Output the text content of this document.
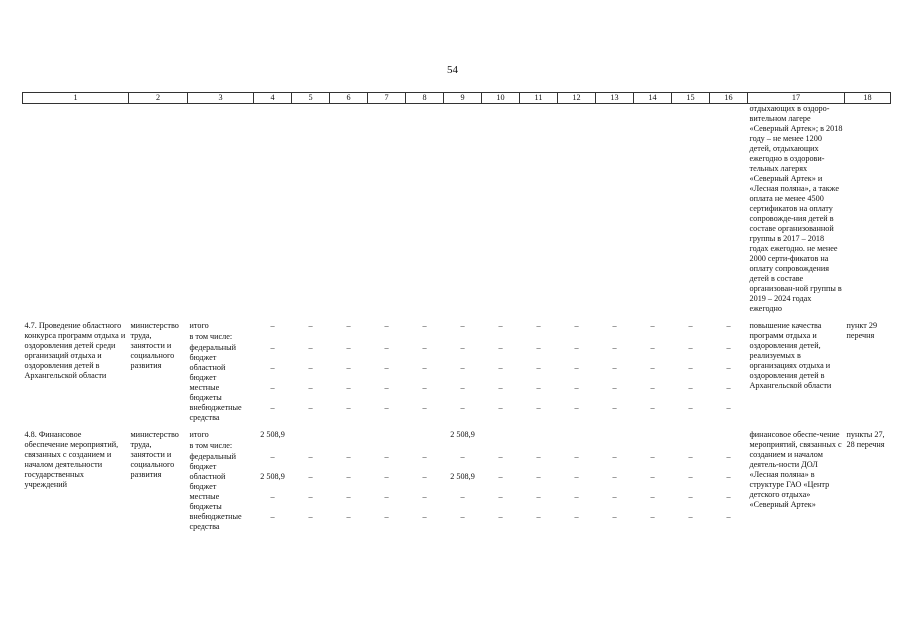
54
1	2	3	4	5	6	7	8	9	10	11	12	13	14	15	16	17	18
																отдыхающих в оздоро-вительном лагере «Северный Артек»; в 2018 году – не менее 1200 детей, отдыхающих ежегодно в оздорови-тельных лагерях «Северный Артек» и «Лесная поляна», а также оплата не менее 4500 сертификатов на оплату сопровожде-ния детей в составе организованной группы в 2017 – 2018 годах ежегодно. не менее 2000 серти-фикатов на оплату сопровождения детей в составе организован-ной группы в 2019 – 2024 годах ежегодно	

4.7. Проведение областного конкурса программ отдыха и оздоровления детей среди организаций отдыха и оздоровления детей в Архангельской области	министерство труда, занятости и социального развития	итого	–	–	–	–	–	–	–	–	–	–	–	–	–	повышение качества программ отдыха и оздоровления детей, реализуемых в организациях отдыха и оздоровления детей в Архангельской области	пункт 29 перечня
		в том числе:															
		федеральный бюджет	–	–	–	–	–	–	–	–	–	–	–	–	–		
		областной бюджет	–	–	–	–	–	–	–	–	–	–	–	–	–		
		местные бюджеты	–	–	–	–	–	–	–	–	–	–	–	–	–		
		внебюджетные средства	–	–	–	–	–	–	–	–	–	–	–	–	–		

4.8. Финансовое обеспечение мероприятий, связанных с созданием и началом деятельности государственных учреждений	министерство труда, занятости и социального развития	итого	2 508,9					2 508,9								финансовое обеспе-чение мероприятий, связанных с созданием и началом деятель-ности ДОЛ «Лесная поляна» в структуре ГАО «Центр детского отдыха» «Северный Артек»	пункты 27, 28 перечня
		в том числе:															
		федеральный бюджет	–	–	–	–	–	–	–	–	–	–	–	–	–		
		областной бюджет	2 508,9	–	–	–	–	2 508,9	–	–	–	–	–	–	–		
		местные бюджеты	–	–	–	–	–	–	–	–	–	–	–	–	–		
		внебюджетные средства	–	–	–	–	–	–	–	–	–	–	–	–	–		
